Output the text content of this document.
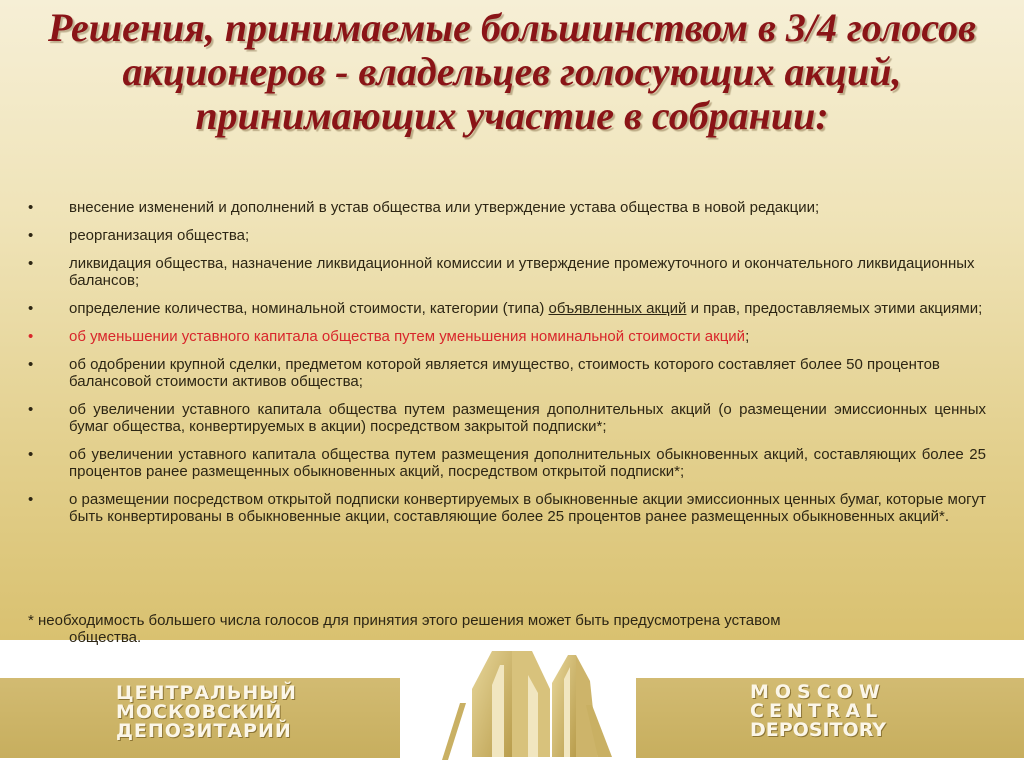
Решения, принимаемые большинством в 3/4 голосов акционеров - владельцев голосующих акций, принимающих участие в собрании:
•	внесение изменений и дополнений в устав общества или утверждение устава общества в новой редакции;
•	реорганизация общества;
•	ликвидация общества, назначение ликвидационной комиссии и утверждение промежуточного и окончательного ликвидационных балансов;
•	определение количества, номинальной стоимости, категории (типа) объявленных акций и прав, предоставляемых этими акциями;
•	об уменьшении уставного капитала общества путем уменьшения номинальной стоимости акций;
•	об одобрении крупной сделки, предметом которой является имущество, стоимость которого составляет более 50 процентов балансовой стоимости активов общества;
•	об увеличении уставного капитала общества путем размещения дополнительных акций (о размещении эмиссионных ценных бумаг общества, конвертируемых в акции) посредством закрытой подписки*;
•	об увеличении уставного капитала общества путем размещения дополнительных обыкновенных акций, составляющих более 25 процентов ранее размещенных обыкновенных акций, посредством открытой подписки*;
•	о размещении посредством открытой подписки конвертируемых в обыкновенные акции эмиссионных ценных бумаг, которые могут быть конвертированы в обыкновенные акции, составляющие более 25 процентов ранее размещенных обыкновенных акций*.
* необходимость большего числа голосов для принятия этого решения может быть предусмотрена уставом
общества.
ЦЕНТРАЛЬНЫЙ
МОСКОВСКИЙ
ДЕПОЗИТАРИЙ
MOSCOW
CENTRAL
DEPOSITORY
